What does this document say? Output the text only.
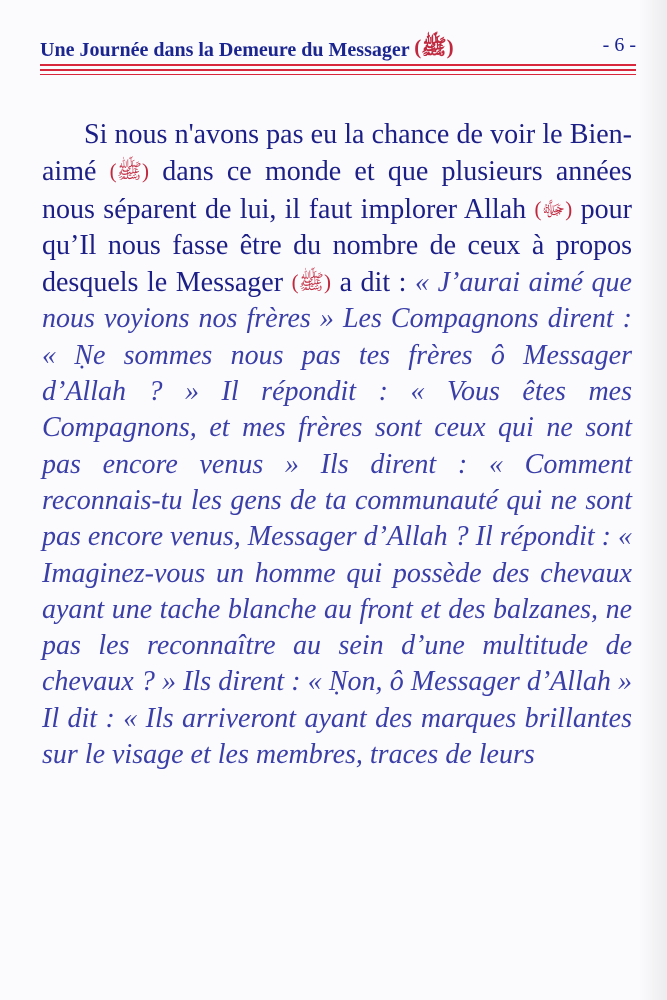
Une Journée dans la Demeure du Messager (ﷺ)	- 6 -

Si nous n'avons pas eu la chance de voir le Bien-aimé (ﷺ) dans ce monde et que plusieurs années nous séparent de lui, il faut implorer Allah (ﷻ) pour qu’Il nous fasse être du nombre de ceux à propos desquels le Messager (ﷺ) a dit : « J’aurai aimé que nous voyions nos frères » Les Compagnons dirent : « Ṇe sommes nous pas tes frères ô Messager d’Allah ? » Il répondit : « Vous êtes mes Compagnons, et mes frères sont ceux qui ne sont pas encore venus » Ils dirent : « Comment reconnais-tu les gens de ta communauté qui ne sont pas encore venus, Messager d’Allah ? Il répondit : « Imaginez-vous un homme qui possède des chevaux ayant une tache blanche au front et des balzanes, ne pas les reconnaître au sein d’une multitude de chevaux ? » Ils dirent : « Ṇon, ô Messager d’Allah » Il dit : « Ils arriveront ayant des marques brillantes sur le visage et les membres, traces de leurs
